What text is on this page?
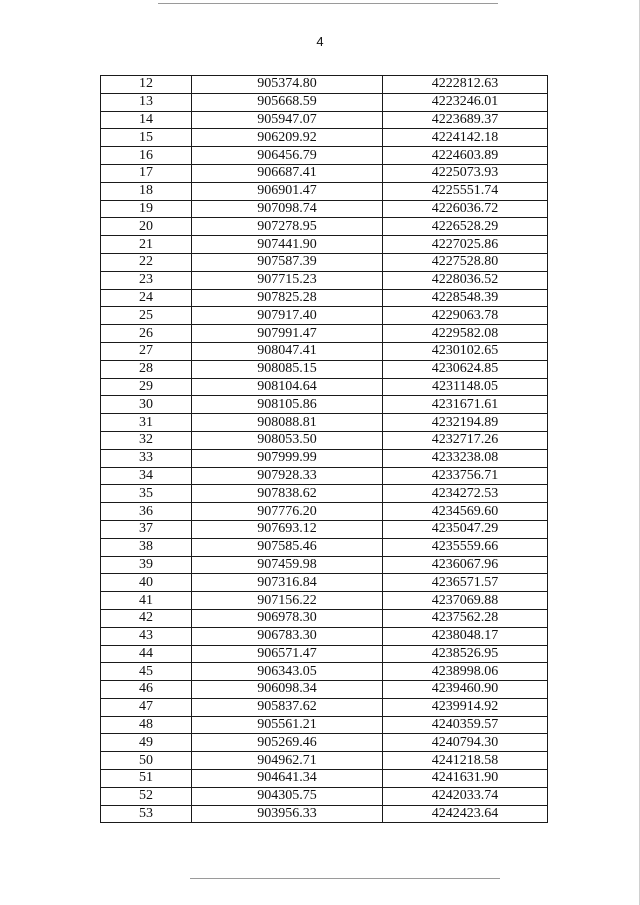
4
12	905374.80	4222812.63
13	905668.59	4223246.01
14	905947.07	4223689.37
15	906209.92	4224142.18
16	906456.79	4224603.89
17	906687.41	4225073.93
18	906901.47	4225551.74
19	907098.74	4226036.72
20	907278.95	4226528.29
21	907441.90	4227025.86
22	907587.39	4227528.80
23	907715.23	4228036.52
24	907825.28	4228548.39
25	907917.40	4229063.78
26	907991.47	4229582.08
27	908047.41	4230102.65
28	908085.15	4230624.85
29	908104.64	4231148.05
30	908105.86	4231671.61
31	908088.81	4232194.89
32	908053.50	4232717.26
33	907999.99	4233238.08
34	907928.33	4233756.71
35	907838.62	4234272.53
36	907776.20	4234569.60
37	907693.12	4235047.29
38	907585.46	4235559.66
39	907459.98	4236067.96
40	907316.84	4236571.57
41	907156.22	4237069.88
42	906978.30	4237562.28
43	906783.30	4238048.17
44	906571.47	4238526.95
45	906343.05	4238998.06
46	906098.34	4239460.90
47	905837.62	4239914.92
48	905561.21	4240359.57
49	905269.46	4240794.30
50	904962.71	4241218.58
51	904641.34	4241631.90
52	904305.75	4242033.74
53	903956.33	4242423.64
